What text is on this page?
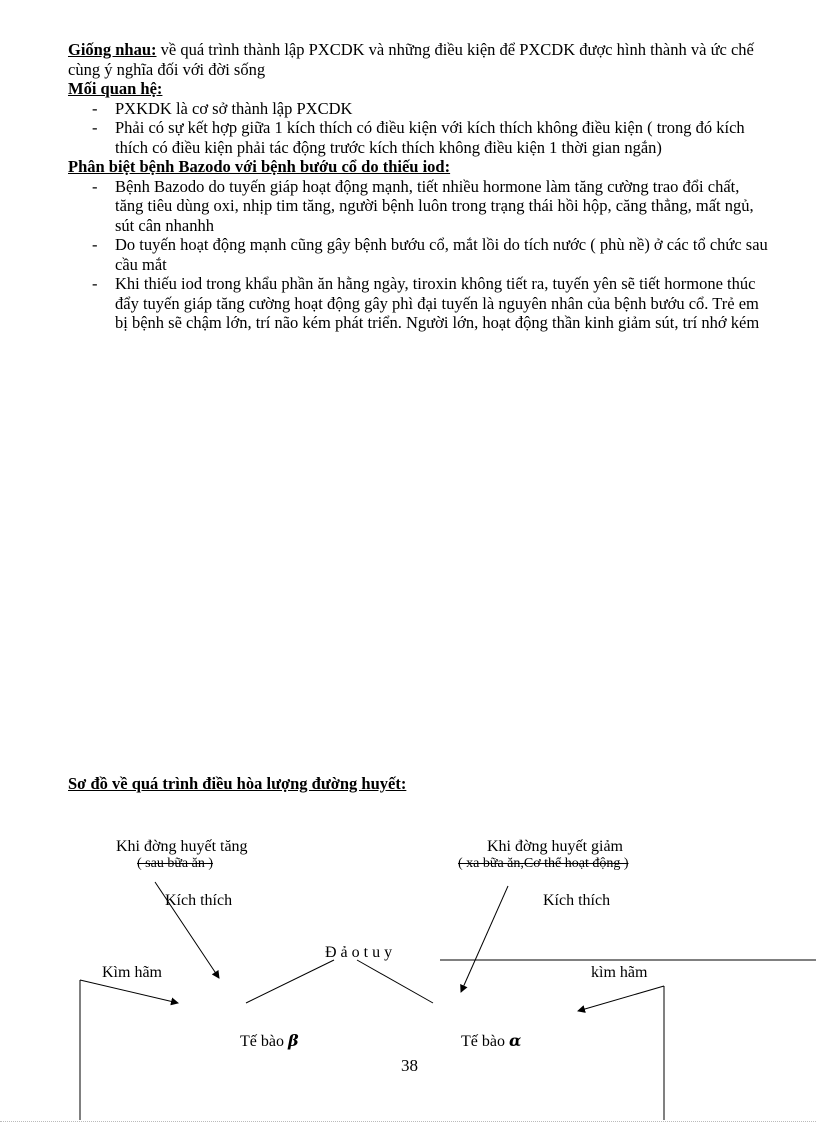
Giống nhau: về quá trình thành lập PXCDK và những điều kiện để PXCDK được hình thành và ức chế cùng ý nghĩa đối với đời sống

Mối quan hệ:

- PXKDK là cơ sở thành lập PXCDK
- Phải có sự kết hợp giữa 1 kích thích có điều kiện với kích thích không điều kiện ( trong đó kích thích có điều kiện phải tác động trước kích thích không điều kiện 1 thời gian ngắn)

Phân biệt bệnh Bazodo với bệnh bướu cổ do thiếu iod:

- Bệnh Bazodo do tuyến giáp hoạt động mạnh, tiết nhiều hormone làm tăng cường trao đổi chất, tăng tiêu dùng oxi, nhịp tim tăng, người bệnh luôn trong trạng thái hồi hộp, căng thẳng, mất ngủ, sút cân nhanhh
- Do tuyến hoạt động mạnh cũng gây bệnh bướu cổ, mắt lồi do tích nước ( phù nề) ở các tổ chức sau cầu mắt
- Khi thiếu iod trong khẩu phần ăn hằng ngày, tiroxin không tiết ra, tuyến yên sẽ tiết hormone thúc đẩy tuyến giáp tăng cường hoạt động gây phì đại tuyến là nguyên nhân của bệnh bướu cổ. Trẻ em bị bệnh sẽ chậm lớn, trí não kém phát triển. Người lớn, hoạt động thần kinh giảm sút, trí nhớ kém
Sơ đồ về quá trình điều hòa lượng đường huyết:
Khi đờng huyết tăng
( sau bữa ăn )
Kích thích
Kìm hãm
Khi đờng huyết giảm
( xa bữa ăn,Cơ thể hoạt động )
Kích thích
kìm hãm
Đ ả o t u y
Tế bào β	Tế bào α
38
